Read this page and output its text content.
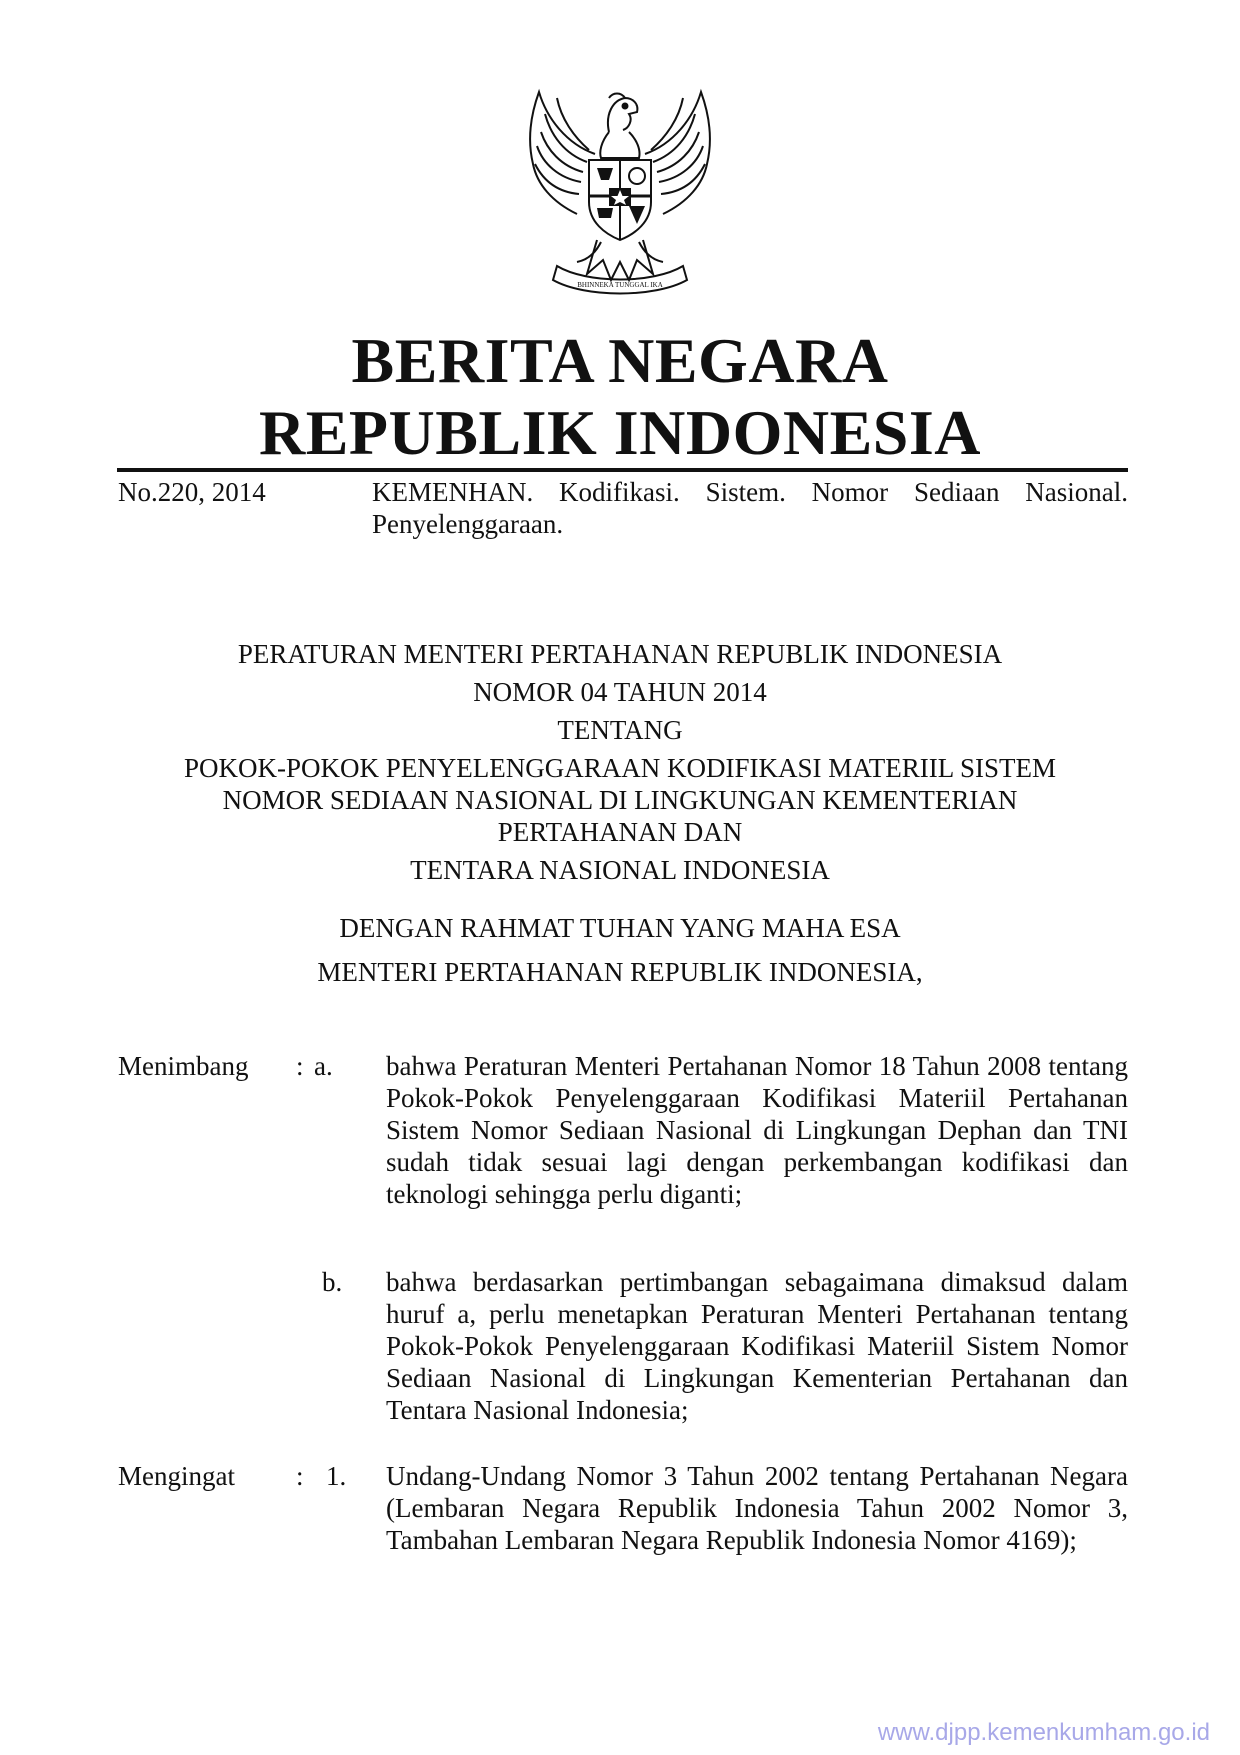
BHINNEKA TUNGGAL IKA
BERITA NEGARA
REPUBLIK INDONESIA
No.220, 2014	KEMENHAN. Kodifikasi. Sistem. Nomor Sediaan Nasional. Penyelenggaraan.
PERATURAN MENTERI PERTAHANAN REPUBLIK INDONESIA
NOMOR 04 TAHUN 2014
TENTANG
POKOK-POKOK PENYELENGGARAAN KODIFIKASI MATERIIL SISTEM
NOMOR SEDIAAN NASIONAL DI LINGKUNGAN KEMENTERIAN
PERTAHANAN DAN
TENTARA NASIONAL INDONESIA
DENGAN RAHMAT TUHAN YANG MAHA ESA
MENTERI PERTAHANAN REPUBLIK INDONESIA,
Menimbang : a. bahwa Peraturan Menteri Pertahanan Nomor 18 Tahun 2008 tentang Pokok-Pokok Penyelenggaraan Kodifikasi Materiil Pertahanan Sistem Nomor Sediaan Nasional di Lingkungan Dephan dan TNI sudah tidak sesuai lagi dengan perkembangan kodifikasi dan teknologi sehingga perlu diganti;
b. bahwa berdasarkan pertimbangan sebagaimana dimaksud dalam huruf a, perlu menetapkan Peraturan Menteri Pertahanan tentang Pokok-Pokok Penyelenggaraan Kodifikasi Materiil Sistem Nomor Sediaan Nasional di Lingkungan Kementerian Pertahanan dan Tentara Nasional Indonesia;
Mengingat : 1. Undang-Undang Nomor 3 Tahun 2002 tentang Pertahanan Negara (Lembaran Negara Republik Indonesia Tahun 2002 Nomor 3, Tambahan Lembaran Negara Republik Indonesia Nomor 4169);
www.djpp.kemenkumham.go.id
